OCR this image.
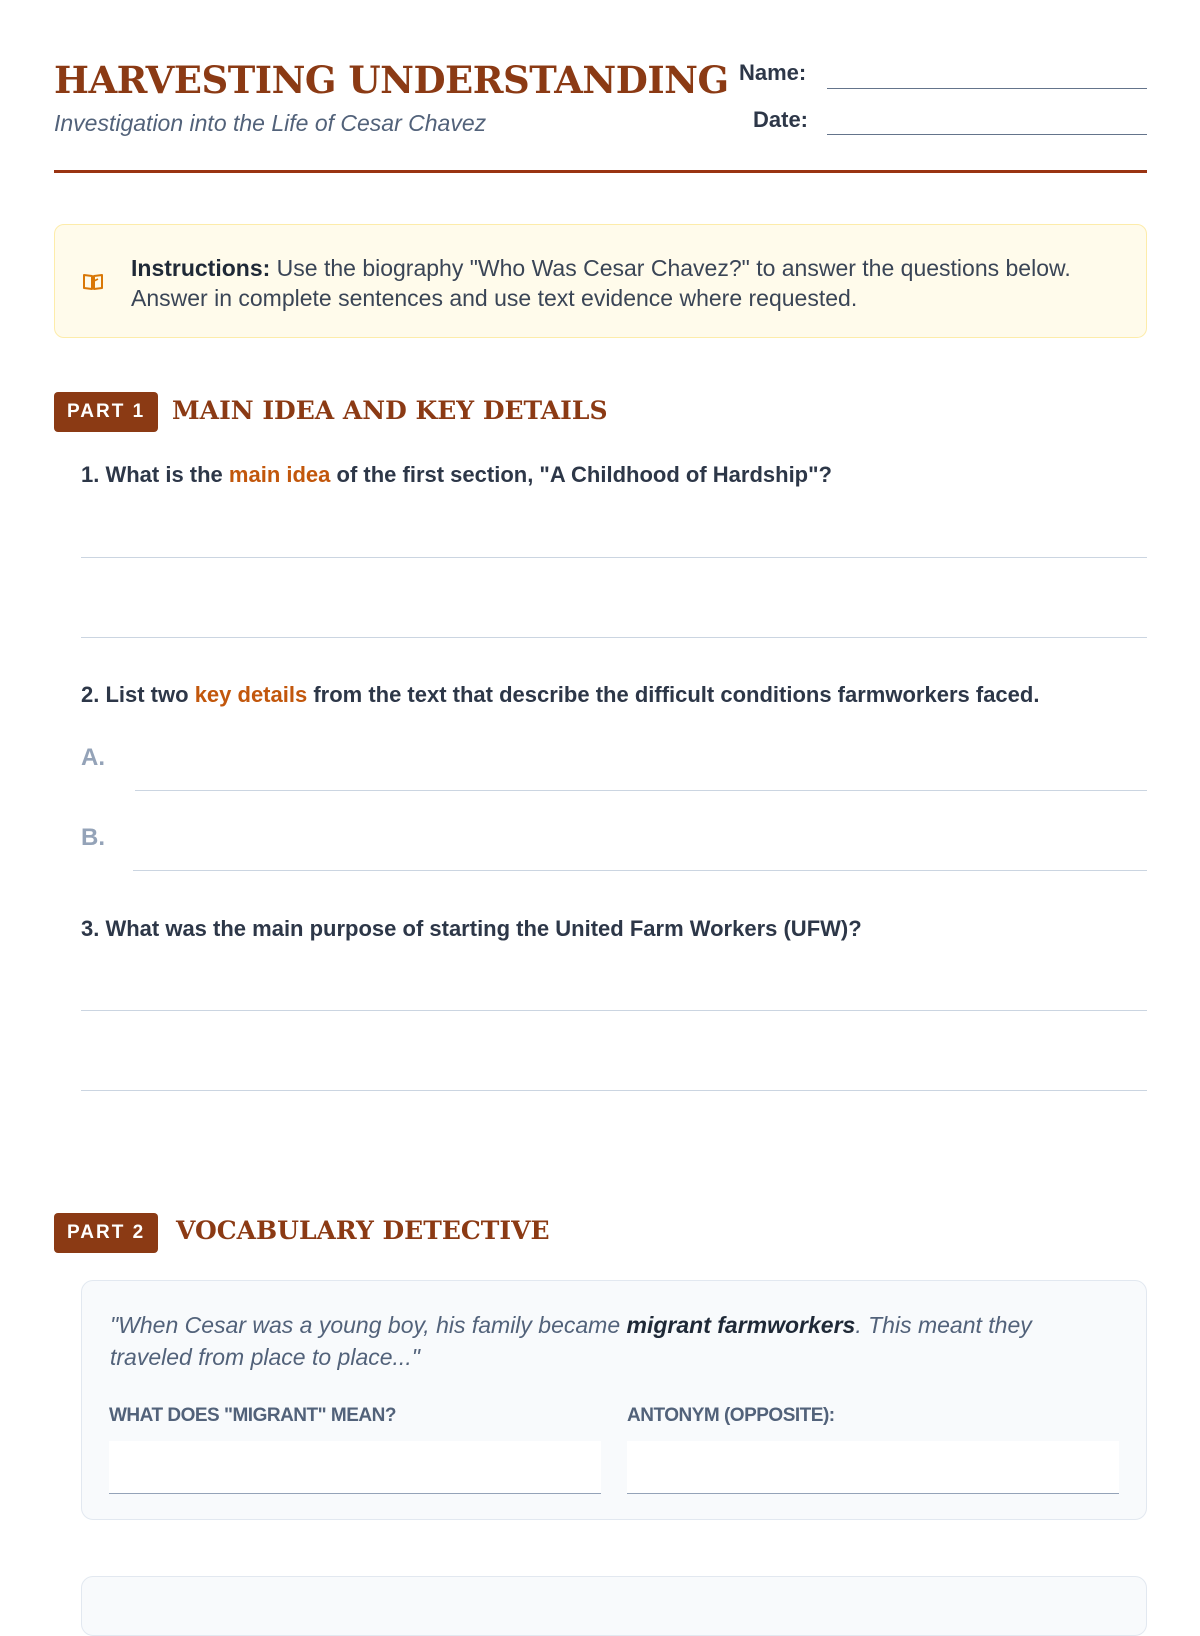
HARVESTING UNDERSTANDING
Investigation into the Life of Cesar Chavez
Name:
Date:
Instructions: Use the biography "Who Was Cesar Chavez?" to answer the questions below. Answer in complete sentences and use text evidence where requested.
PART 1	MAIN IDEA AND KEY DETAILS
1. What is the main idea of the first section, "A Childhood of Hardship"?
2. List two key details from the text that describe the difficult conditions farmworkers faced.
A.
B.
3. What was the main purpose of starting the United Farm Workers (UFW)?
PART 2	VOCABULARY DETECTIVE
"When Cesar was a young boy, his family became migrant farmworkers. This meant they traveled from place to place..."
WHAT DOES "MIGRANT" MEAN?	ANTONYM (OPPOSITE):
